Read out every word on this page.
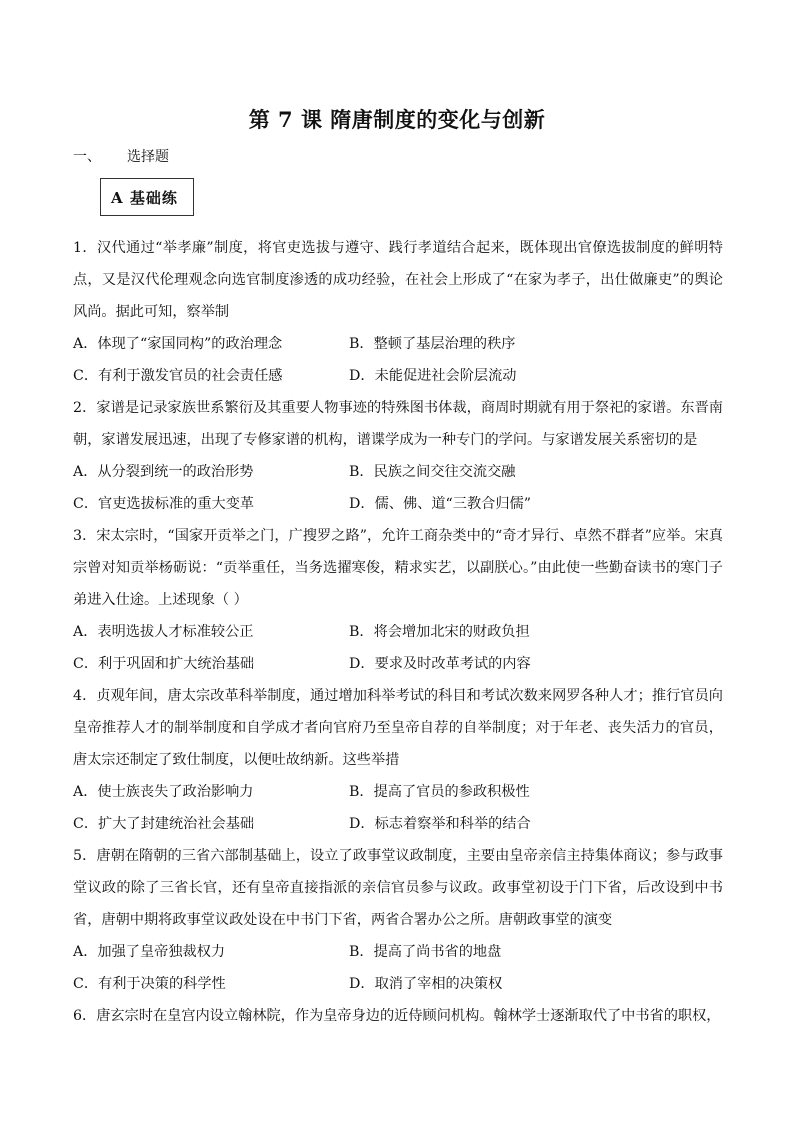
第 7 课 隋唐制度的变化与创新
一、 选择题
A 基础练

1．汉代通过“举孝廉”制度，将官吏选拔与遵守、践行孝道结合起来，既体现出官僚选拔制度的鲜明特点，又是汉代伦理观念向选官制度渗透的成功经验，在社会上形成了“在家为孝子，出仕做廉吏”的舆论风尚。据此可知，察举制

A．体现了“家国同构”的政治理念	B．整顿了基层治理的秩序
C．有利于激发官员的社会责任感	D．未能促进社会阶层流动

2．家谱是记录家族世系繁衍及其重要人物事迹的特殊图书体裁，商周时期就有用于祭祀的家谱。东晋南朝，家谱发展迅速，出现了专修家谱的机构，谱谍学成为一种专门的学问。与家谱发展关系密切的是

A．从分裂到统一的政治形势	B．民族之间交往交流交融
C．官吏选拔标准的重大变革	D．儒、佛、道“三教合归儒”

3．宋太宗时，“国家开贡举之门，广搜罗之路”，允许工商杂类中的“奇才异行、卓然不群者”应举。宋真宗曾对知贡举杨砺说：“贡举重任，当务选擢寒俊，精求实艺，以副朕心。”由此使一些勤奋读书的寒门子弟进入仕途。上述现象（ ）

A．表明选拔人才标准较公正	B．将会增加北宋的财政负担
C．利于巩固和扩大统治基础	D．要求及时改革考试的内容

4．贞观年间，唐太宗改革科举制度，通过增加科举考试的科目和考试次数来网罗各种人才；推行官员向皇帝推荐人才的制举制度和自学成才者向官府乃至皇帝自荐的自举制度；对于年老、丧失活力的官员，唐太宗还制定了致仕制度，以便吐故纳新。这些举措

A．使士族丧失了政治影响力	B．提高了官员的参政积极性
C．扩大了封建统治社会基础	D．标志着察举和科举的结合

5．唐朝在隋朝的三省六部制基础上，设立了政事堂议政制度，主要由皇帝亲信主持集体商议；参与政事堂议政的除了三省长官，还有皇帝直接指派的亲信官员参与议政。政事堂初设于门下省，后改设到中书省，唐朝中期将政事堂议政处设在中书门下省，两省合署办公之所。唐朝政事堂的演变

A．加强了皇帝独裁权力	B．提高了尚书省的地盘
C．有利于决策的科学性	D．取消了宰相的决策权

6．唐玄宗时在皇宫内设立翰林院，作为皇帝身边的近侍顾问机构。翰林学士逐渐取代了中书省的职权，
